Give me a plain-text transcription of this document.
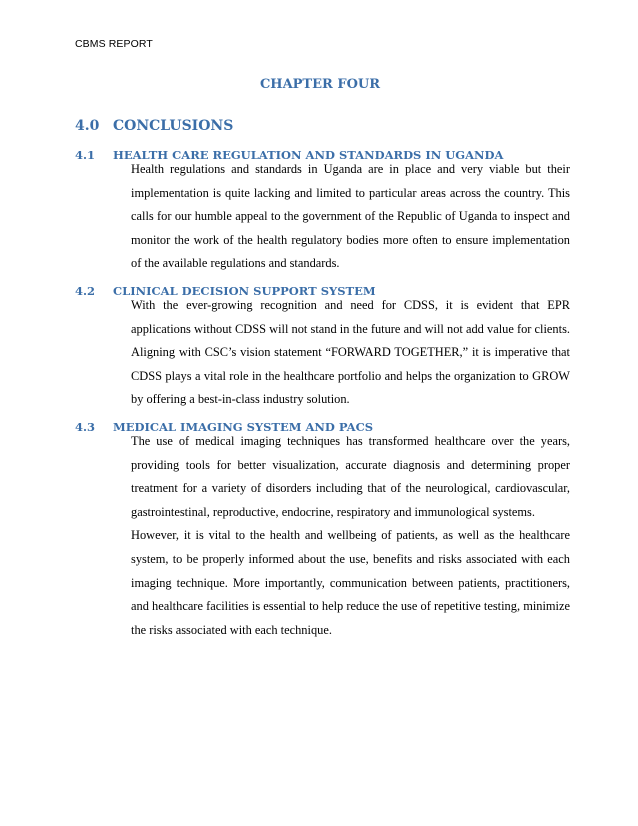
CBMS REPORT
CHAPTER FOUR
4.0 CONCLUSIONS
4.1 HEALTH CARE REGULATION AND STANDARDS IN UGANDA

Health regulations and standards in Uganda are in place and very viable but their implementation is quite lacking and limited to particular areas across the country. This calls for our humble appeal to the government of the Republic of Uganda to inspect and monitor the work of the health regulatory bodies more often to ensure implementation of the available regulations and standards.

4.2 CLINICAL DECISION SUPPORT SYSTEM

With the ever-growing recognition and need for CDSS, it is evident that EPR applications without CDSS will not stand in the future and will not add value for clients. Aligning with CSC’s vision statement “FORWARD TOGETHER,” it is imperative that CDSS plays a vital role in the healthcare portfolio and helps the organization to GROW by offering a best-in-class industry solution.

4.3 MEDICAL IMAGING SYSTEM AND PACS

The use of medical imaging techniques has transformed healthcare over the years, providing tools for better visualization, accurate diagnosis and determining proper treatment for a variety of disorders including that of the neurological, cardiovascular, gastrointestinal, reproductive, endocrine, respiratory and immunological systems.

However, it is vital to the health and wellbeing of patients, as well as the healthcare system, to be properly informed about the use, benefits and risks associated with each imaging technique. More importantly, communication between patients, practitioners, and healthcare facilities is essential to help reduce the use of repetitive testing, minimize the risks associated with each technique.
